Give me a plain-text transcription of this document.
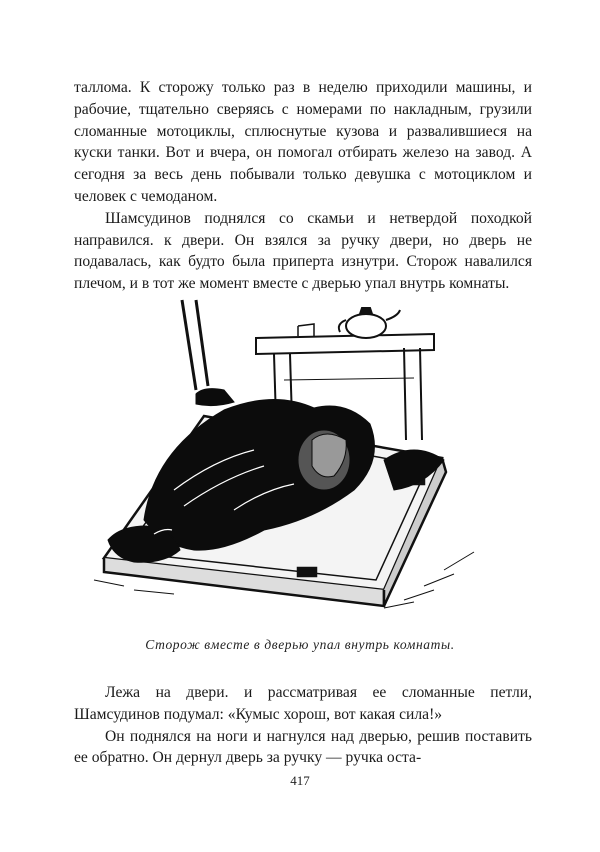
таллома. К сторожу только раз в неделю приходили машины, и рабочие, тщательно сверяясь с номерами по накладным, грузили сломанные мотоциклы, сплюснутые кузова и развалившиеся на куски танки. Вот и вчера, он помогал отбирать железо на завод. А сегодня за весь день побывали только девушка с мотоциклом и человек с чемоданом.

Шамсудинов поднялся со скамьи и нетвердой походкой направился. к двери. Он взялся за ручку двери, но дверь не подавалась, как будто была приперта изнутри. Сторож навалился плечом, и в тот же момент вместе с дверью упал внутрь комнаты.

Сторож вместе в дверью упал внутрь комнаты.

Лежа на двери. и рассматривая ее сломанные петли, Шамсудинов подумал: «Кумыс хорош, вот какая сила!»

Он поднялся на ноги и нагнулся над дверью, решив поставить ее обратно. Он дернул дверь за ручку — ручка оста-

417
